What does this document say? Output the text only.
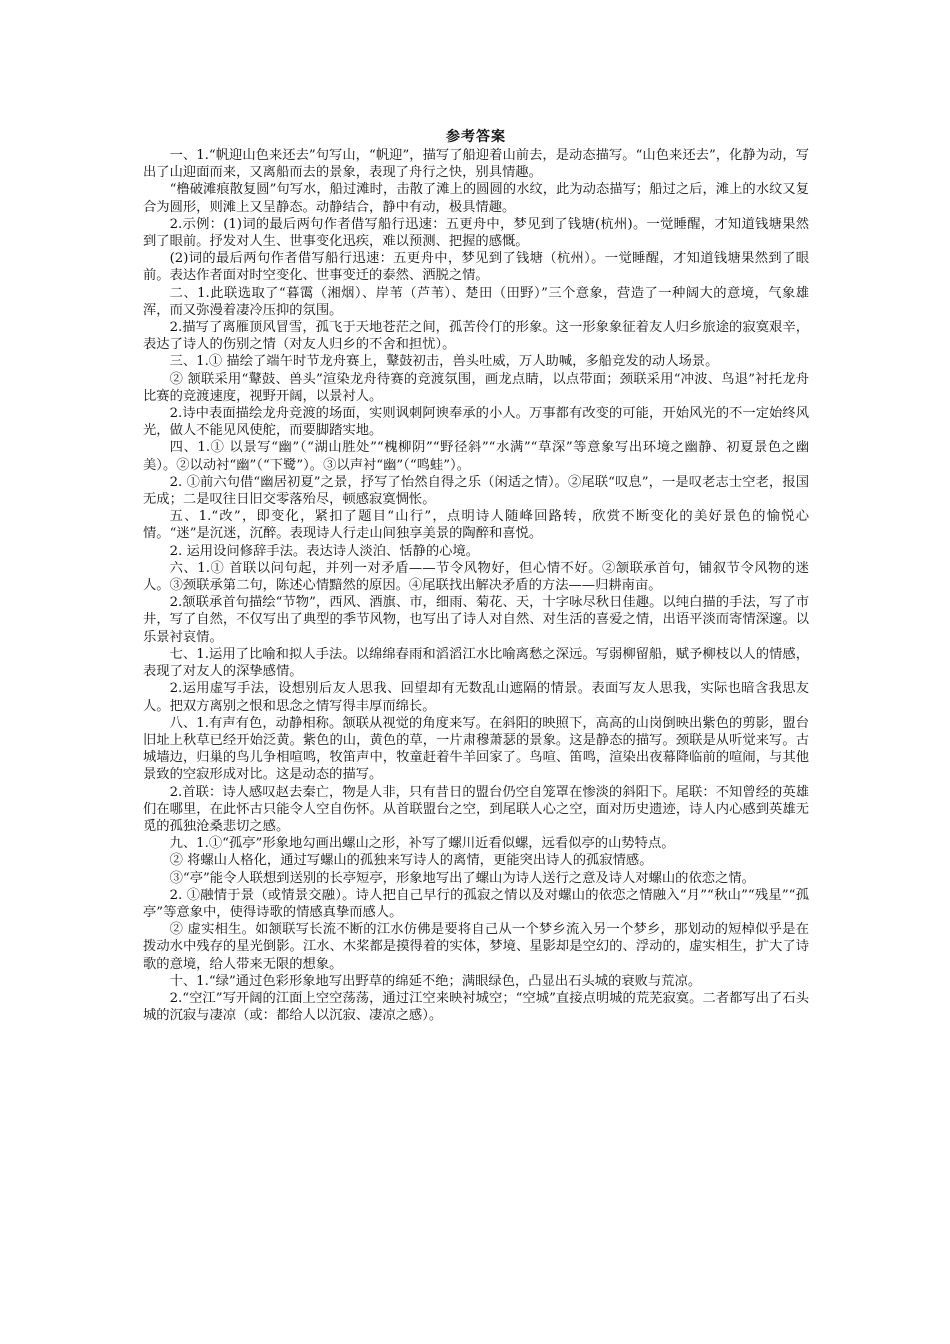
参考答案

一、1.“帆迎山色来还去”句写山，“帆迎”，描写了船迎着山前去，是动态描写。“山色来还去”，化静为动，写出了山迎面而来，又离船而去的景象，表现了舟行之快，别具情趣。

“橹破滩痕散复圆”句写水，船过滩时，击散了滩上的圆圆的水纹，此为动态描写；船过之后，滩上的水纹又复合为圆形，则滩上又呈静态。动静结合，静中有动，极具情趣。

2.示例：(1)词的最后两句作者借写船行迅速：五更舟中，梦见到了钱塘(杭州)。一觉睡醒，才知道钱塘果然到了眼前。抒发对人生、世事变化迅疾，难以预测、把握的感慨。

(2)词的最后两句作者借写船行迅速：五更舟中，梦见到了钱塘（杭州）。一觉睡醒，才知道钱塘果然到了眼前。表达作者面对时空变化、世事变迁的泰然、洒脱之情。

二、1.此联选取了“暮霭（湘烟）、岸苇（芦苇）、楚田（田野）”三个意象，营造了一种阔大的意境，气象雄浑，而又弥漫着凄冷压抑的氛围。

2.描写了离雁顶风冒雪，孤飞于天地苍茫之间，孤苦伶仃的形象。这一形象象征着友人归乡旅途的寂寞艰辛，表达了诗人的伤别之情（对友人归乡的不舍和担忧）。

三、1.① 描绘了端午时节龙舟赛上，鼙鼓初击，兽头吐威，万人助喊，多船竞发的动人场景。

② 颔联采用“鼙鼓、兽头”渲染龙舟待赛的竞渡氛围，画龙点睛，以点带面；颈联采用“冲波、鸟退”衬托龙舟比赛的竞渡速度，视野开阔，以景衬人。

2.诗中表面描绘龙舟竞渡的场面，实则讽刺阿谀奉承的小人。万事都有改变的可能，开始风光的不一定始终风光，做人不能见风使舵，而要脚踏实地。

四、1.① 以景写“幽”（“湖山胜处”“槐柳阴”“野径斜”“水满”“草深”等意象写出环境之幽静、初夏景色之幽美）。②以动衬“幽”（“下鹭”）。③以声衬“幽”（“鸣蛙”）。

2. ①前六句借“幽居初夏”之景，抒写了怡然自得之乐（闲适之情）。②尾联“叹息”，一是叹老志士空老，报国无成；二是叹往日旧交零落殆尽，顿感寂寞惆怅。

五、1.“改”，即变化，紧扣了题目“山行”，点明诗人随峰回路转，欣赏不断变化的美好景色的愉悦心情。“迷”是沉迷，沉醉。表现诗人行走山间独享美景的陶醉和喜悦。

2. 运用设问修辞手法。表达诗人淡泊、恬静的心境。

六、1.① 首联以问句起，并列一对矛盾——节令风物好，但心情不好。②颔联承首句，铺叙节令风物的迷人。③颈联承第二句，陈述心情黯然的原因。④尾联找出解决矛盾的方法——归耕南亩。

2.颔联承首句描绘“节物”，西风、酒旗、市，细雨、菊花、天，十字咏尽秋日佳趣。以纯白描的手法，写了市井，写了自然，不仅写出了典型的季节风物，也写出了诗人对自然、对生活的喜爱之情，出语平淡而寄情深邃。以乐景衬哀情。

七、1.运用了比喻和拟人手法。以绵绵春雨和滔滔江水比喻离愁之深远。写弱柳留船，赋予柳枝以人的情感，表现了对友人的深挚感情。

2.运用虚写手法，设想别后友人思我、回望却有无数乱山遮隔的情景。表面写友人思我，实际也暗含我思友人。把双方离别之恨和思念之情写得丰厚而绵长。

八、1.有声有色，动静相称。颔联从视觉的角度来写。在斜阳的映照下，高高的山岗倒映出紫色的剪影，盟台旧址上秋草已经开始泛黄。紫色的山，黄色的草，一片肃穆萧瑟的景象。这是静态的描写。颈联是从听觉来写。古城墙边，归巢的鸟儿争相喧鸣，牧笛声中，牧童赶着牛羊回家了。鸟喧、笛鸣，渲染出夜幕降临前的喧闹，与其他景致的空寂形成对比。这是动态的描写。

2.首联：诗人感叹赵去秦亡，物是人非，只有昔日的盟台仍空自笼罩在惨淡的斜阳下。尾联：不知曾经的英雄们在哪里，在此怀古只能令人空自伤怀。从首联盟台之空，到尾联人心之空，面对历史遗迹，诗人内心感到英雄无觅的孤独沧桑悲切之感。

九、1.①“孤亭”形象地勾画出螺山之形，补写了螺川近看似螺，远看似亭的山势特点。

② 将螺山人格化，通过写螺山的孤独来写诗人的离情，更能突出诗人的孤寂情感。

③“亭”能令人联想到送别的长亭短亭，形象地写出了螺山为诗人送行之意及诗人对螺山的依恋之情。

2. ①融情于景（或情景交融）。诗人把自己早行的孤寂之情以及对螺山的依恋之情融入“月”“秋山”“残星”“孤亭”等意象中，使得诗歌的情感真挚而感人。

② 虚实相生。如颔联写长流不断的江水仿佛是要将自己从一个梦乡流入另一个梦乡，那划动的短棹似乎是在拨动水中残存的星光倒影。江水、木桨都是摸得着的实体，梦境、星影却是空幻的、浮动的，虚实相生，扩大了诗歌的意境，给人带来无限的想象。

十、1.“绿”通过色彩形象地写出野草的绵延不绝；满眼绿色，凸显出石头城的衰败与荒凉。

2.“空江”写开阔的江面上空空荡荡，通过江空来映衬城空；“空城”直接点明城的荒芜寂寞。二者都写出了石头城的沉寂与凄凉（或：都给人以沉寂、凄凉之感）。
